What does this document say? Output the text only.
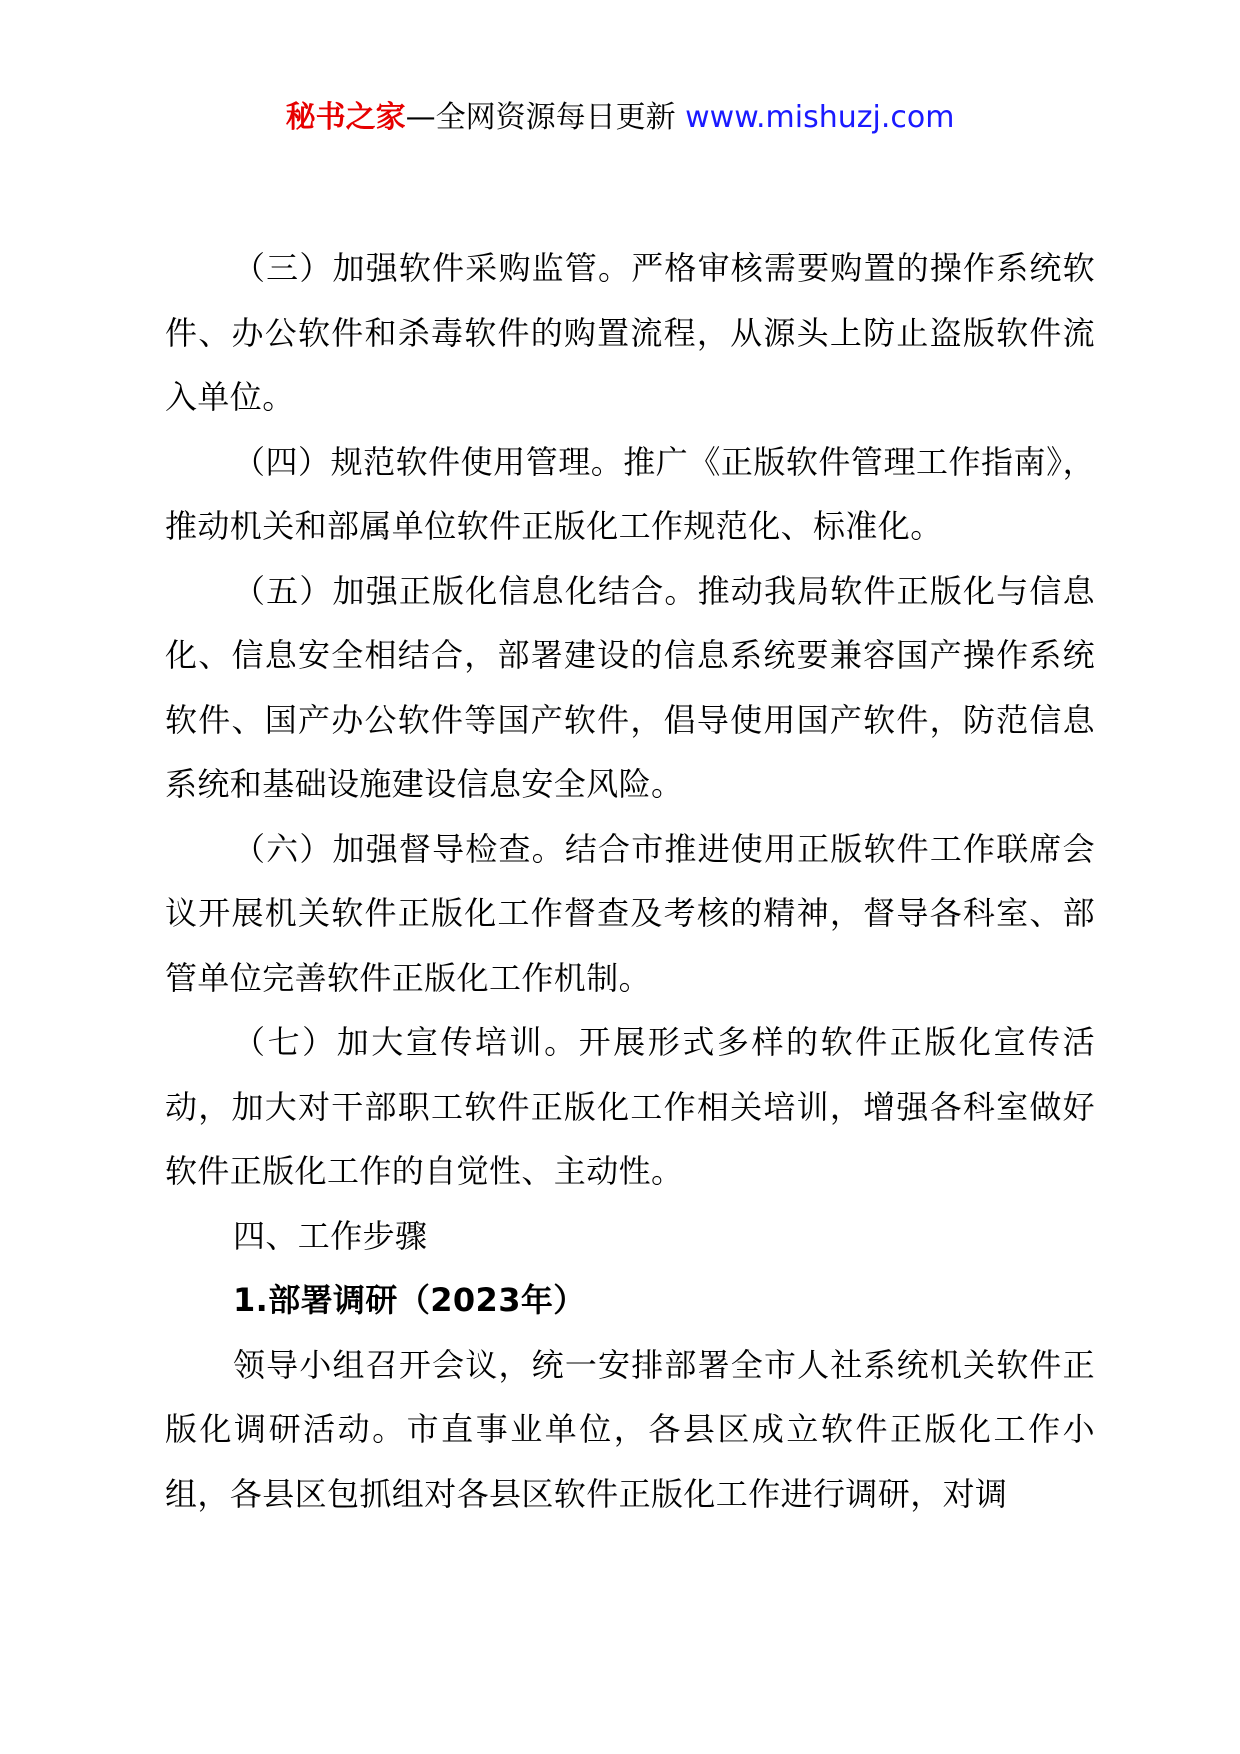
秘书之家—全网资源每日更新 www.mishuzj.com

（三）加强软件采购监管。严格审核需要购置的操作系统软件、办公软件和杀毒软件的购置流程，从源头上防止盗版软件流入单位。

（四）规范软件使用管理。推广《正版软件管理工作指南》，推动机关和部属单位软件正版化工作规范化、标准化。

（五）加强正版化信息化结合。推动我局软件正版化与信息化、信息安全相结合，部署建设的信息系统要兼容国产操作系统软件、国产办公软件等国产软件，倡导使用国产软件，防范信息系统和基础设施建设信息安全风险。

（六）加强督导检查。结合市推进使用正版软件工作联席会议开展机关软件正版化工作督查及考核的精神，督导各科室、部管单位完善软件正版化工作机制。

（七）加大宣传培训。开展形式多样的软件正版化宣传活动，加大对干部职工软件正版化工作相关培训，增强各科室做好软件正版化工作的自觉性、主动性。

四、工作步骤

1.部署调研（2023年）

领导小组召开会议，统一安排部署全市人社系统机关软件正版化调研活动。市直事业单位，各县区成立软件正版化工作小组，各县区包抓组对各县区软件正版化工作进行调研，对调
